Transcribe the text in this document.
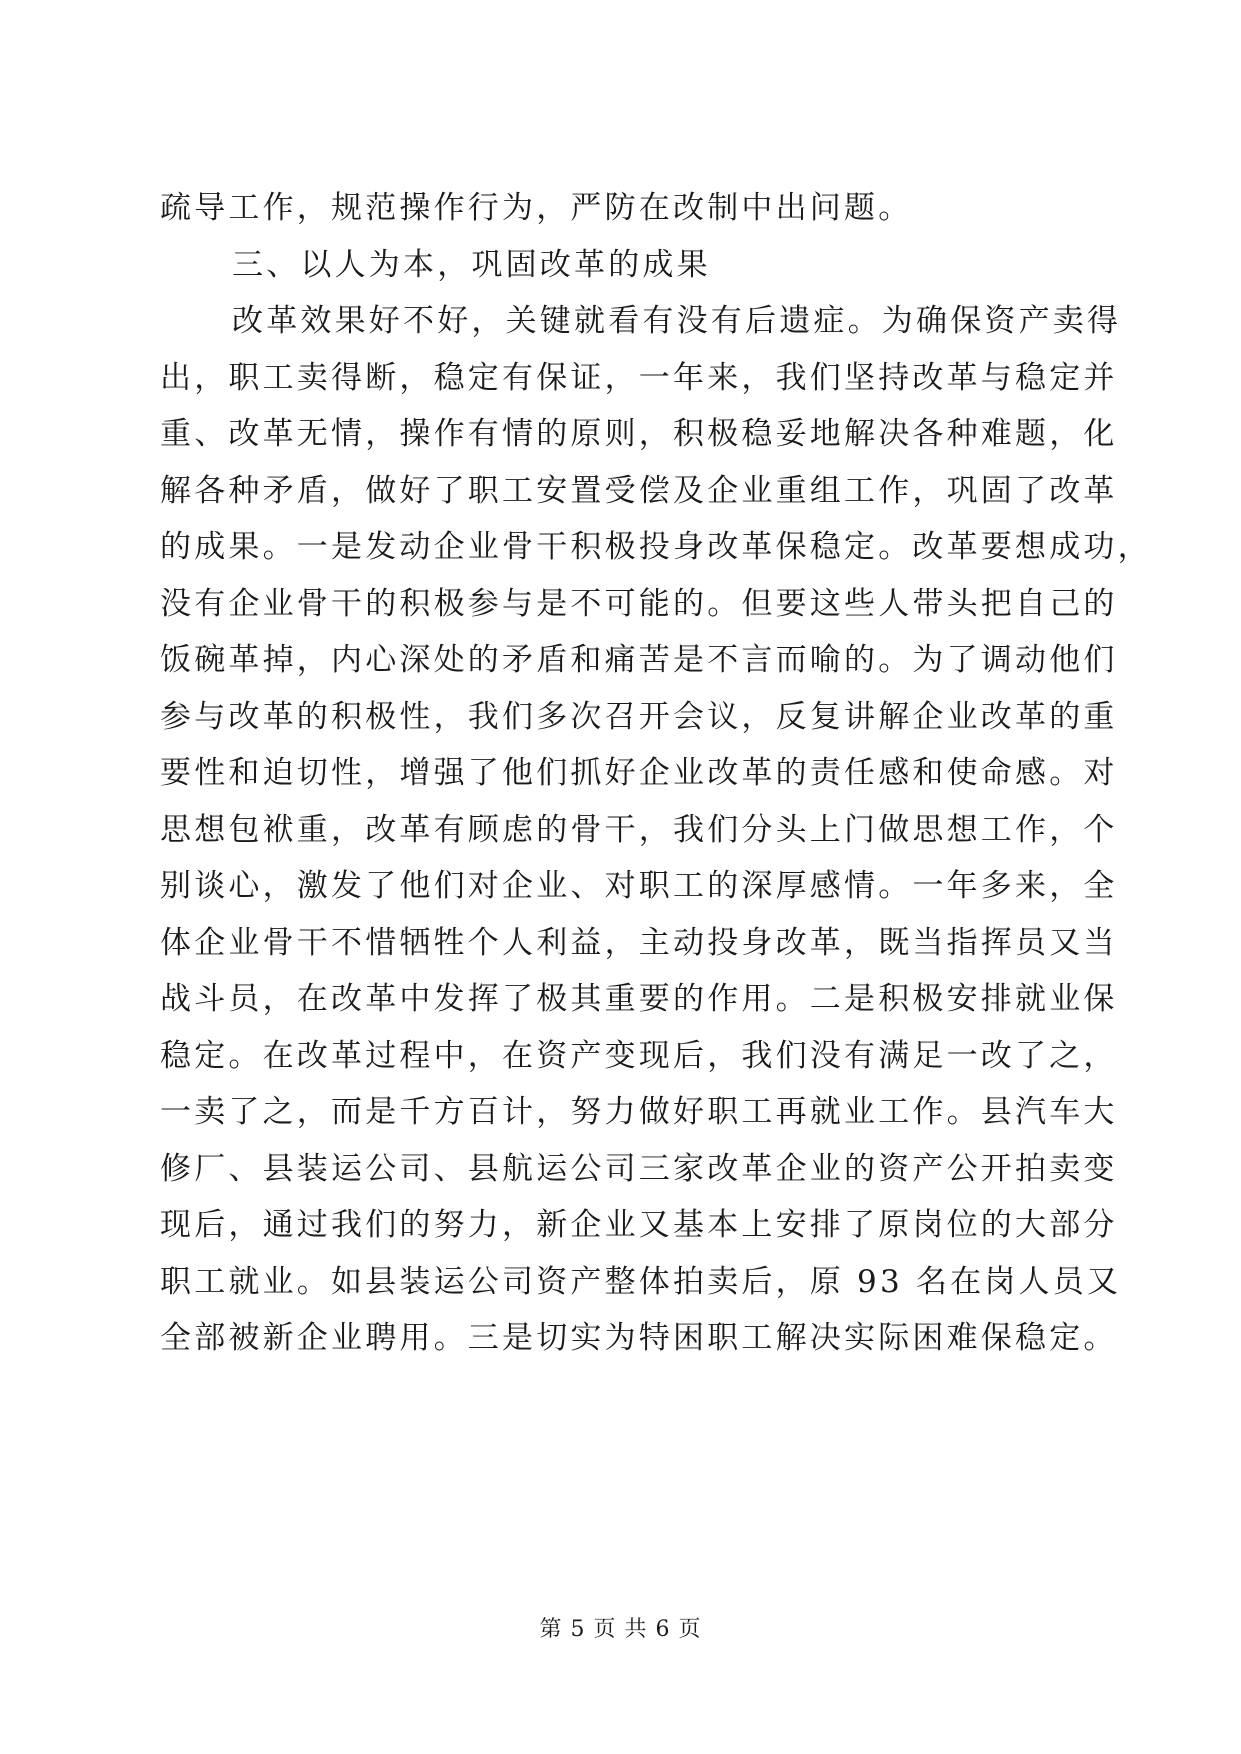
疏导工作，规范操作行为，严防在改制中出问题。
三、以人为本，巩固改革的成果
改革效果好不好，关键就看有没有后遗症。为确保资产卖得
出，职工卖得断，稳定有保证，一年来，我们坚持改革与稳定并
重、改革无情，操作有情的原则，积极稳妥地解决各种难题，化
解各种矛盾，做好了职工安置受偿及企业重组工作，巩固了改革
的成果。一是发动企业骨干积极投身改革保稳定。改革要想成功，
没有企业骨干的积极参与是不可能的。但要这些人带头把自己的
饭碗革掉，内心深处的矛盾和痛苦是不言而喻的。为了调动他们
参与改革的积极性，我们多次召开会议，反复讲解企业改革的重
要性和迫切性，增强了他们抓好企业改革的责任感和使命感。对
思想包袱重，改革有顾虑的骨干，我们分头上门做思想工作，个
别谈心，激发了他们对企业、对职工的深厚感情。一年多来，全
体企业骨干不惜牺牲个人利益，主动投身改革，既当指挥员又当
战斗员，在改革中发挥了极其重要的作用。二是积极安排就业保
稳定。在改革过程中，在资产变现后，我们没有满足一改了之，
一卖了之，而是千方百计，努力做好职工再就业工作。县汽车大
修厂、县装运公司、县航运公司三家改革企业的资产公开拍卖变
现后，通过我们的努力，新企业又基本上安排了原岗位的大部分
职工就业。如县装运公司资产整体拍卖后，原 93 名在岗人员又
全部被新企业聘用。三是切实为特困职工解决实际困难保稳定。
第 5 页 共 6 页
